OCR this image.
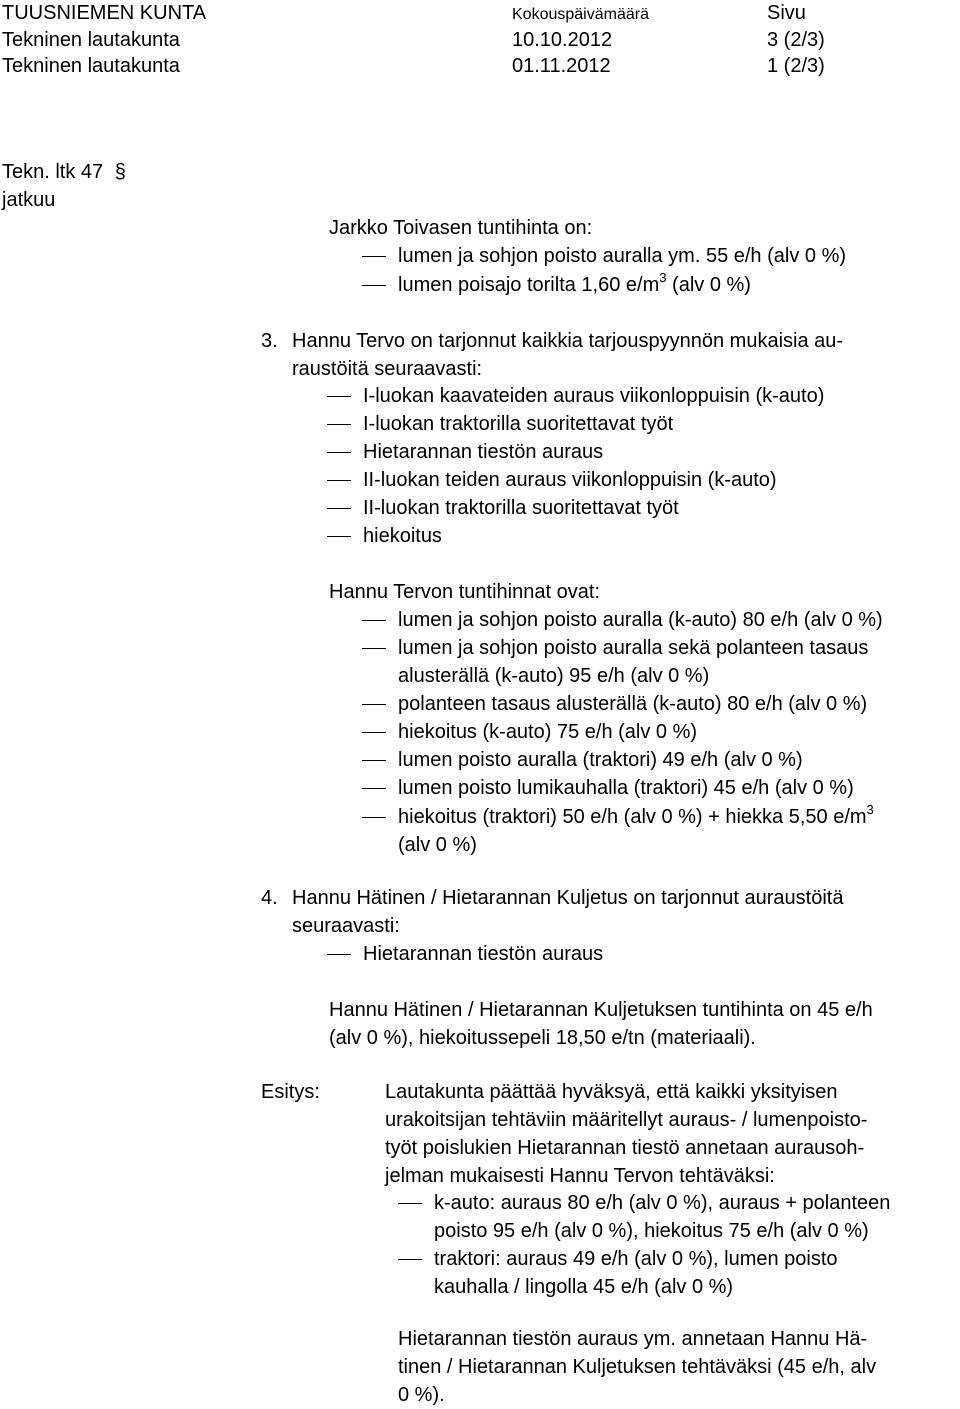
TUUSNIEMEN KUNTA	Kokouspäivämäärä	Sivu
Tekninen lautakunta	10.10.2012	3 (2/3)
Tekninen lautakunta	01.11.2012	1 (2/3)
Tekn. ltk 47 §
jatkuu
Jarkko Toivasen tuntihinta on:
lumen ja sohjon poisto auralla ym. 55 e/h (alv 0 %)
lumen poisajo torilta 1,60 $e/m^3$ (alv 0 %)
3. Hannu Tervo on tarjonnut kaikkia tarjouspyynnön mukaisia au-
raustöitä seuraavasti:
I-luokan kaavateiden auraus viikonloppuisin (k-auto)
I-luokan traktorilla suoritettavat työt
Hietarannan tiestön auraus
II-luokan teiden auraus viikonloppuisin (k-auto)
II-luokan traktorilla suoritettavat työt
hiekoitus
Hannu Tervon tuntihinnat ovat:
lumen ja sohjon poisto auralla (k-auto) 80 e/h (alv 0 %)
lumen ja sohjon poisto auralla sekä polanteen tasaus
alusterällä (k-auto) 95 e/h (alv 0 %)
polanteen tasaus alusterällä (k-auto) 80 e/h (alv 0 %)
hiekoitus (k-auto) 75 e/h (alv 0 %)
lumen poisto auralla (traktori) 49 e/h (alv 0 %)
lumen poisto lumikauhalla (traktori) 45 e/h (alv 0 %)
hiekoitus (traktori) 50 e/h (alv 0 %) + hiekka 5,50 $e/m^3$
(alv 0 %)
4. Hannu Hätinen / Hietarannan Kuljetus on tarjonnut auraustöitä
seuraavasti:
Hietarannan tiestön auraus
Hannu Hätinen / Hietarannan Kuljetuksen tuntihinta on 45 e/h
(alv 0 %), hiekoitussepeli 18,50 e/tn (materiaali).
Esitys:	Lautakunta päättää hyväksyä, että kaikki yksityisen
urakoitsijan tehtäviin määritellyt auraus- / lumenpoisto-
työt poislukien Hietarannan tiestö annetaan aurausoh-
jelman mukaisesti Hannu Tervon tehtäväksi:
k-auto: auraus 80 e/h (alv 0 %), auraus + polanteen
poisto 95 e/h (alv 0 %), hiekoitus 75 e/h (alv 0 %)
traktori: auraus 49 e/h (alv 0 %), lumen poisto
kauhalla / lingolla 45 e/h (alv 0 %)
Hietarannan tiestön auraus ym. annetaan Hannu Hä-
tinen / Hietarannan Kuljetuksen tehtäväksi (45 e/h, alv
0 %).
